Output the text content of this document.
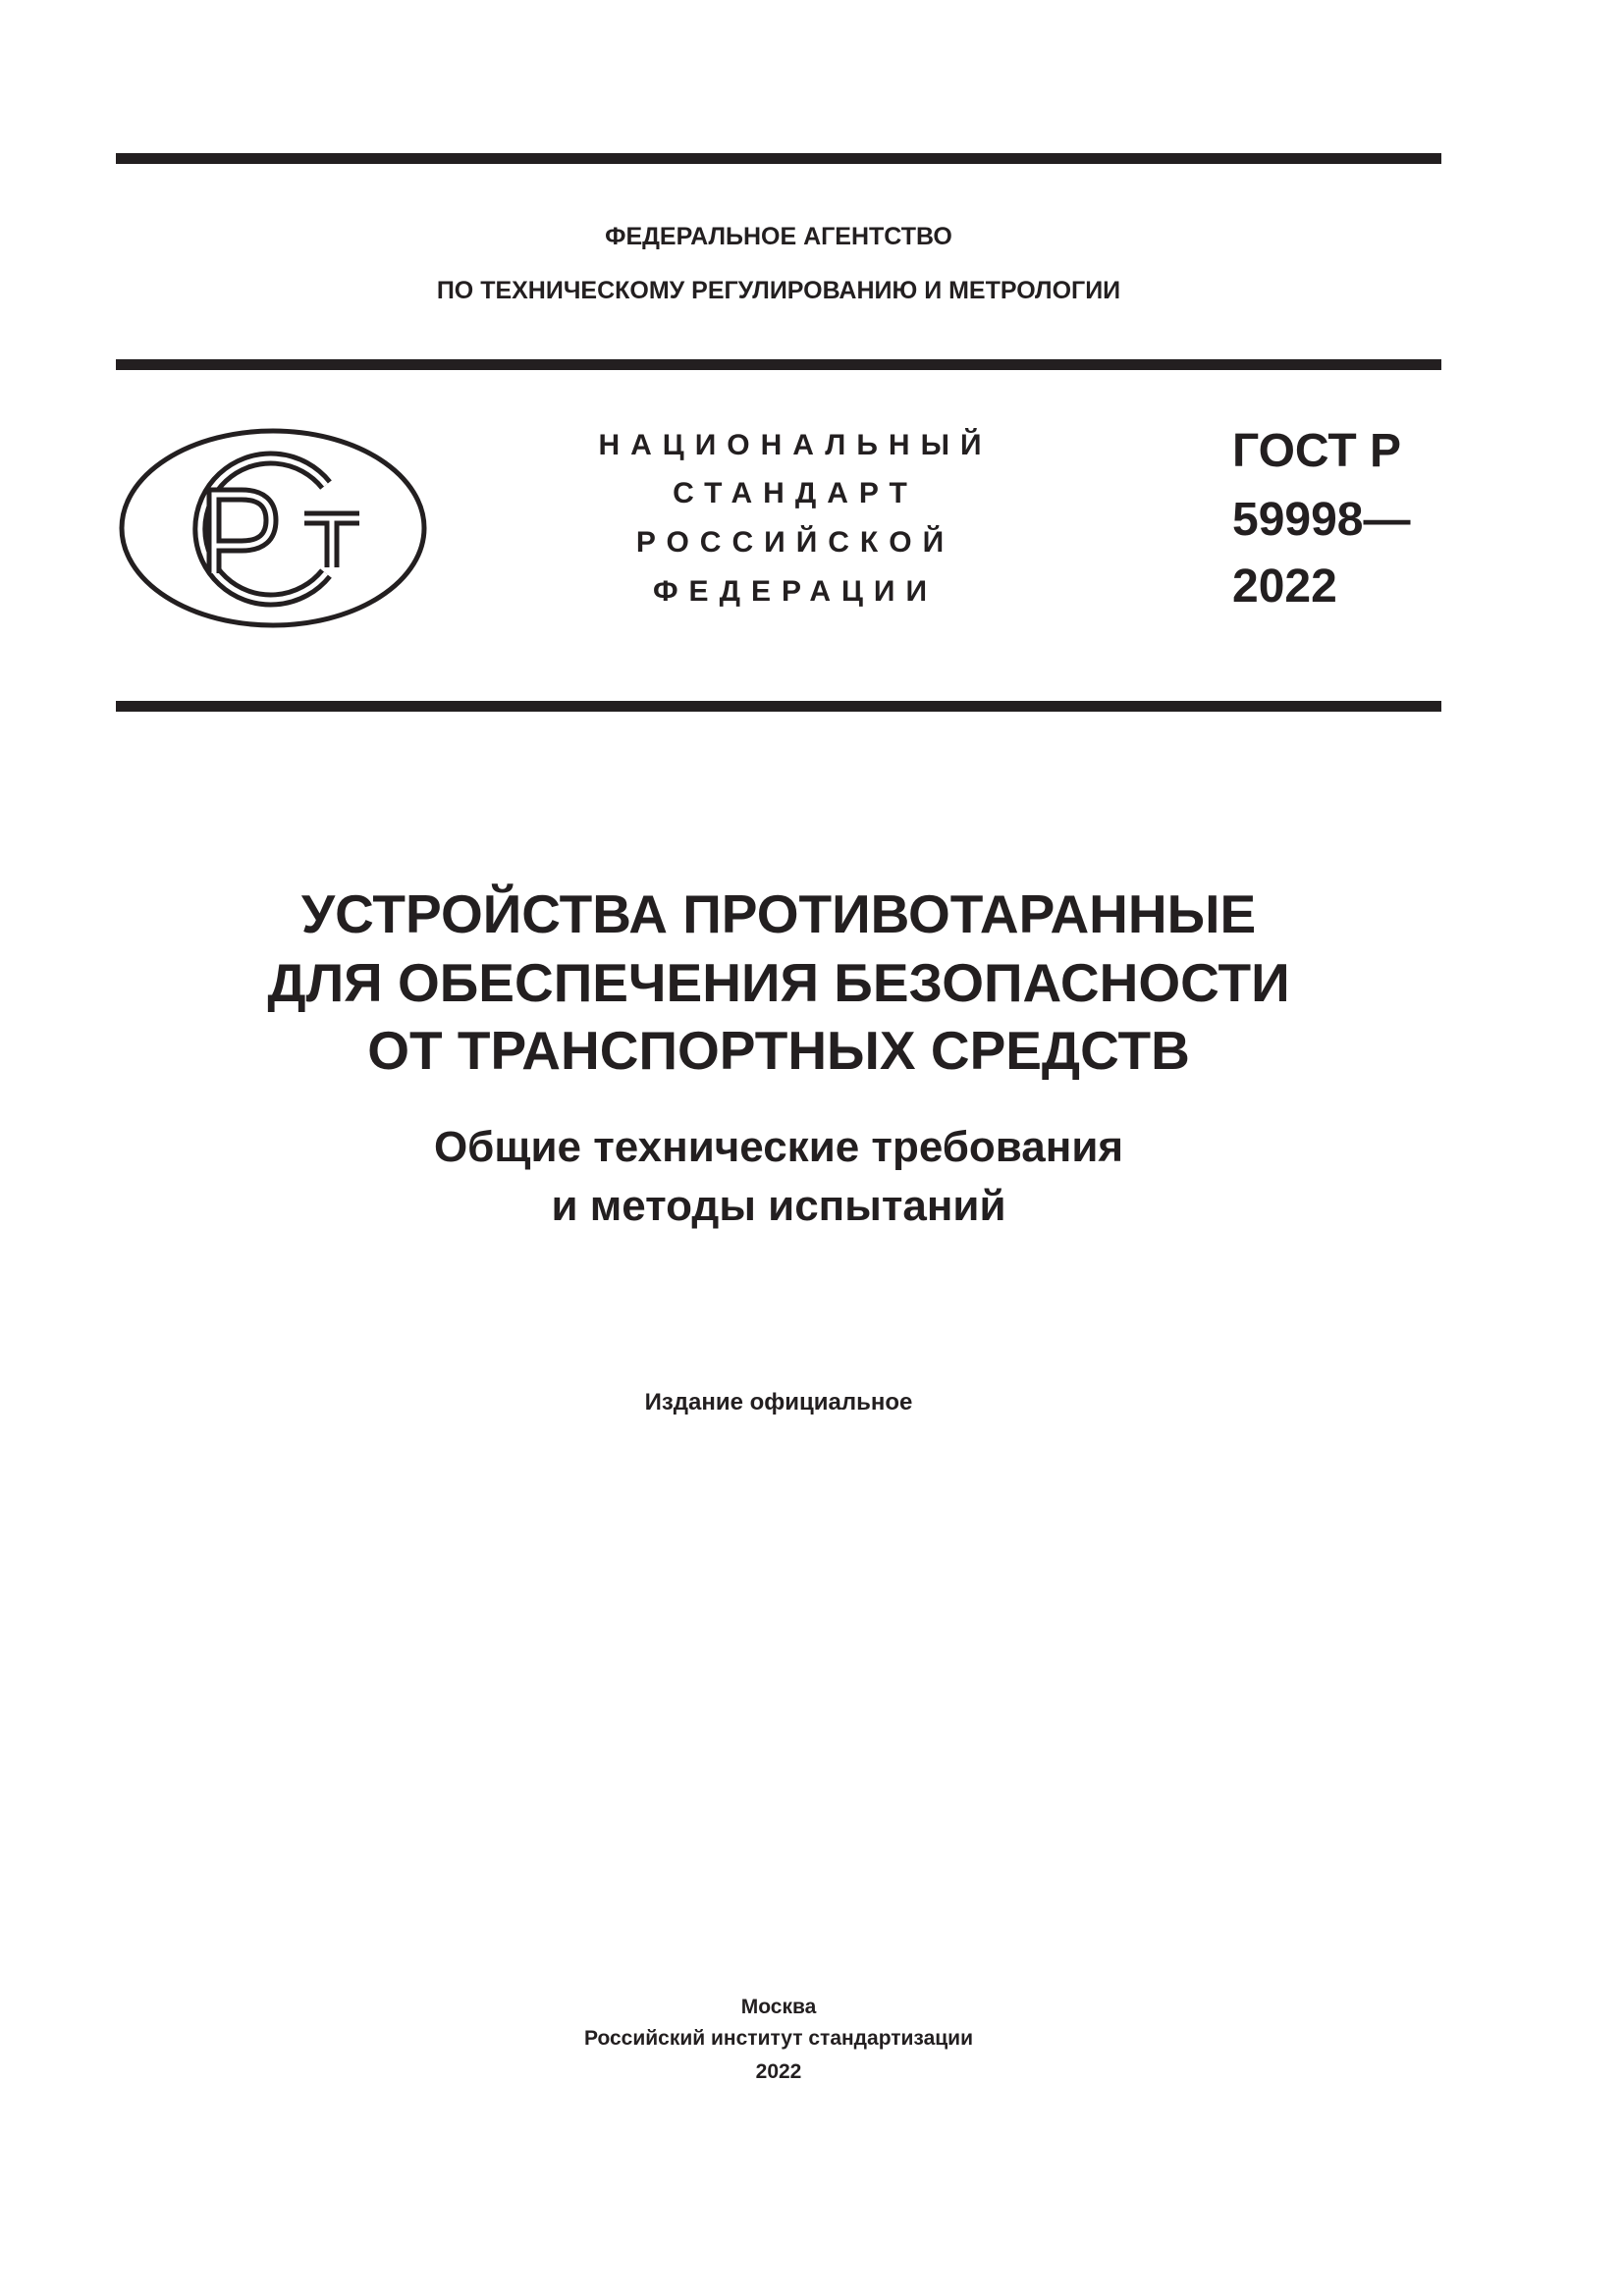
ФЕДЕРАЛЬНОЕ АГЕНТСТВО
ПО ТЕХНИЧЕСКОМУ РЕГУЛИРОВАНИЮ И МЕТРОЛОГИИ
НАЦИОНАЛЬНЫЙ
СТАНДАРТ
РОССИЙСКОЙ
ФЕДЕРАЦИИ
ГОСТ Р
59998—
2022
УСТРОЙСТВА ПРОТИВОТАРАННЫЕ
ДЛЯ ОБЕСПЕЧЕНИЯ БЕЗОПАСНОСТИ
ОТ ТРАНСПОРТНЫХ СРЕДСТВ
Общие технические требования
и методы испытаний
Издание официальное
Москва
Российский институт стандартизации
2022
